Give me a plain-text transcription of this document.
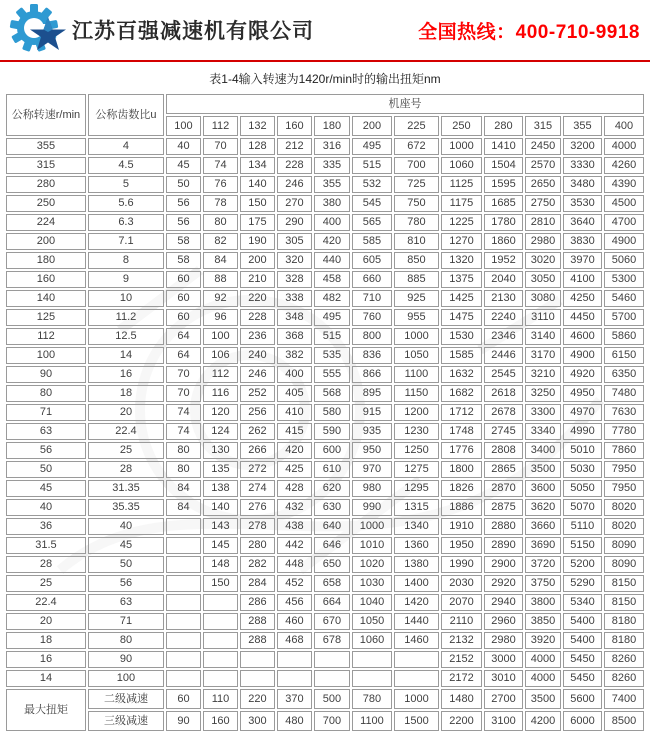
江苏百强减速机有限公司	全国热线：400-710-9918
表1-4输入转速为1420r/min时的输出扭矩nm
公称转速r/min	公称齿数比u	机座号											
		100	112	132	160	180	200	225	250	280	315	355	400
355	4	40	70	128	212	316	495	672	1000	1410	2450	3200	4000
315	4.5	45	74	134	228	335	515	700	1060	1504	2570	3330	4260
280	5	50	76	140	246	355	532	725	1125	1595	2650	3480	4390
250	5.6	56	78	150	270	380	545	750	1175	1685	2750	3530	4500
224	6.3	56	80	175	290	400	565	780	1225	1780	2810	3640	4700
200	7.1	58	82	190	305	420	585	810	1270	1860	2980	3830	4900
180	8	58	84	200	320	440	605	850	1320	1952	3020	3970	5060
160	9	60	88	210	328	458	660	885	1375	2040	3050	4100	5300
140	10	60	92	220	338	482	710	925	1425	2130	3080	4250	5460
125	11.2	60	96	228	348	495	760	955	1475	2240	3110	4450	5700
112	12.5	64	100	236	368	515	800	1000	1530	2346	3140	4600	5860
100	14	64	106	240	382	535	836	1050	1585	2446	3170	4900	6150
90	16	70	112	246	400	555	866	1100	1632	2545	3210	4920	6350
80	18	70	116	252	405	568	895	1150	1682	2618	3250	4950	7480
71	20	74	120	256	410	580	915	1200	1712	2678	3300	4970	7630
63	22.4	74	124	262	415	590	935	1230	1748	2745	3340	4990	7780
56	25	80	130	266	420	600	950	1250	1776	2808	3400	5010	7860
50	28	80	135	272	425	610	970	1275	1800	2865	3500	5030	7950
45	31.35	84	138	274	428	620	980	1295	1826	2870	3600	5050	7950
40	35.35	84	140	276	432	630	990	1315	1886	2875	3620	5070	8020
36	40		143	278	438	640	1000	1340	1910	2880	3660	5110	8020
31.5	45		145	280	442	646	1010	1360	1950	2890	3690	5150	8090
28	50		148	282	448	650	1020	1380	1990	2900	3720	5200	8090
25	56		150	284	452	658	1030	1400	2030	2920	3750	5290	8150
22.4	63			286	456	664	1040	1420	2070	2940	3800	5340	8150
20	71			288	460	670	1050	1440	2110	2960	3850	5400	8180
18	80			288	468	678	1060	1460	2132	2980	3920	5400	8180
16	90								2152	3000	4000	5450	8260
14	100								2172	3010	4000	5450	8260
最大扭矩	二级减速	60	110	220	370	500	780	1000	1480	2700	3500	5600	7400
	三级减速	90	160	300	480	700	1100	1500	2200	3100	4200	6000	8500
